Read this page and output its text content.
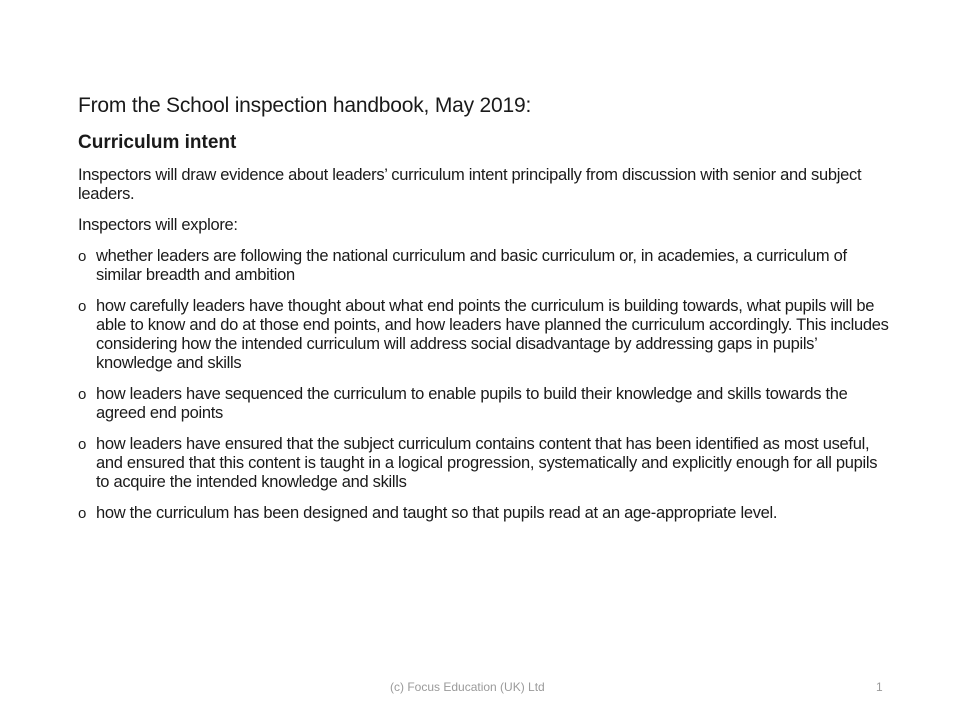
From the School inspection handbook, May 2019:
Curriculum intent

Inspectors will draw evidence about leaders’ curriculum intent principally from discussion with senior and subject leaders.

Inspectors will explore:

o whether leaders are following the national curriculum and basic curriculum or, in academies, a curriculum of similar breadth and ambition
o how carefully leaders have thought about what end points the curriculum is building towards, what pupils will be able to know and do at those end points, and how leaders have planned the curriculum accordingly. This includes considering how the intended curriculum will address social disadvantage by addressing gaps in pupils’ knowledge and skills
o how leaders have sequenced the curriculum to enable pupils to build their knowledge and skills towards the agreed end points
o how leaders have ensured that the subject curriculum contains content that has been identified as most useful, and ensured that this content is taught in a logical progression, systematically and explicitly enough for all pupils to acquire the intended knowledge and skills
o how the curriculum has been designed and taught so that pupils read at an age-appropriate level.
(c) Focus Education (UK) Ltd	1
